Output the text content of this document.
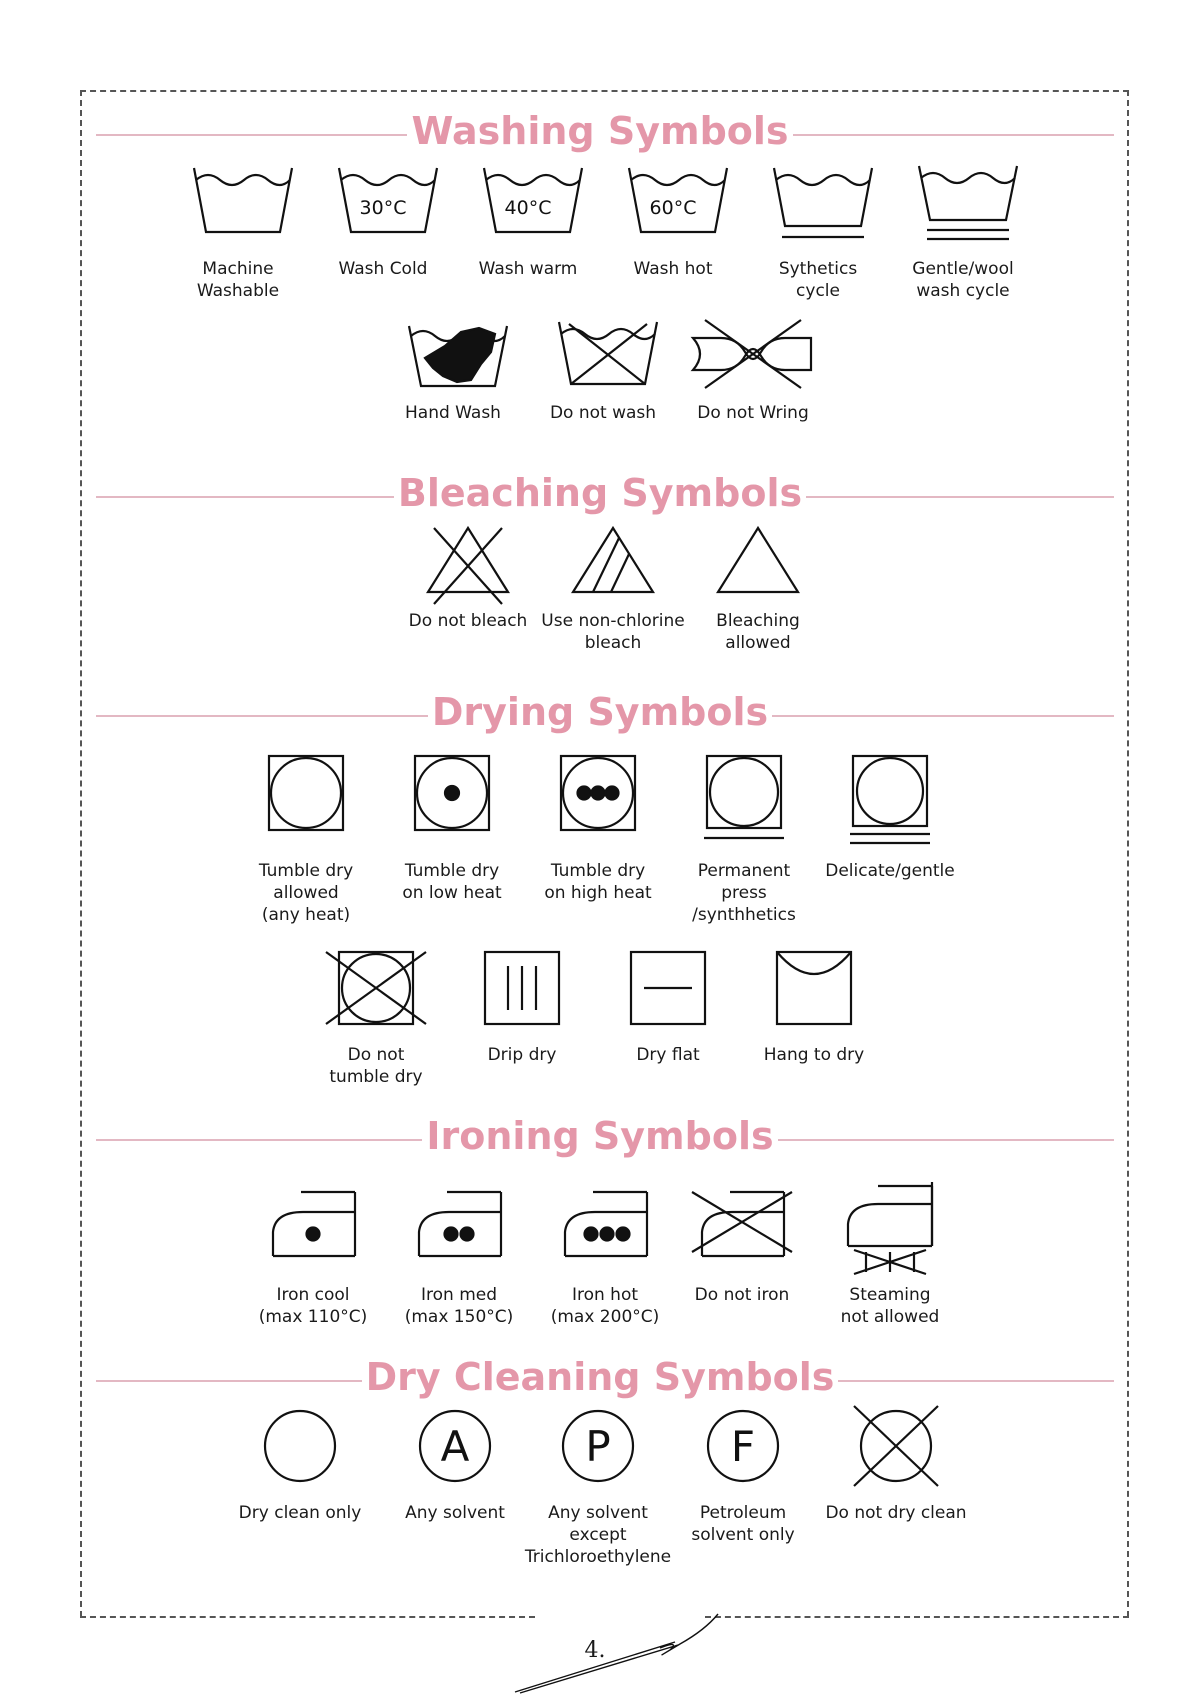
Washing Symbols
Machine
Washable
30°C
Wash Cold
40°C
Wash warm
60°C
Wash hot	Sythetics
cycle
Gentle/wool
wash cycle
Hand Wash	Do not wash	Do not Wring
Bleaching Symbols
Do not bleach Use non-chlorine
bleach
Bleaching
allowed
Drying Symbols
Tumble dry
allowed
(any heat)
Tumble dry
on low heat
Tumble dry
on high heat
Permanent
press
/synthhetics
Delicate/gentle
Do not
tumble dry
Drip dry	Dry flat	Hang to dry
Ironing Symbols
Iron cool
(max 110°C)
Iron med
(max 150°C)
Iron hot
(max 200°C)
Do not iron	Steaming
not allowed
Dry Cleaning Symbols
Dry clean only
A
Any solvent
P
Any solvent
except
Trichloroethylene
F
Petroleum
solvent only
Do not dry clean
4.
